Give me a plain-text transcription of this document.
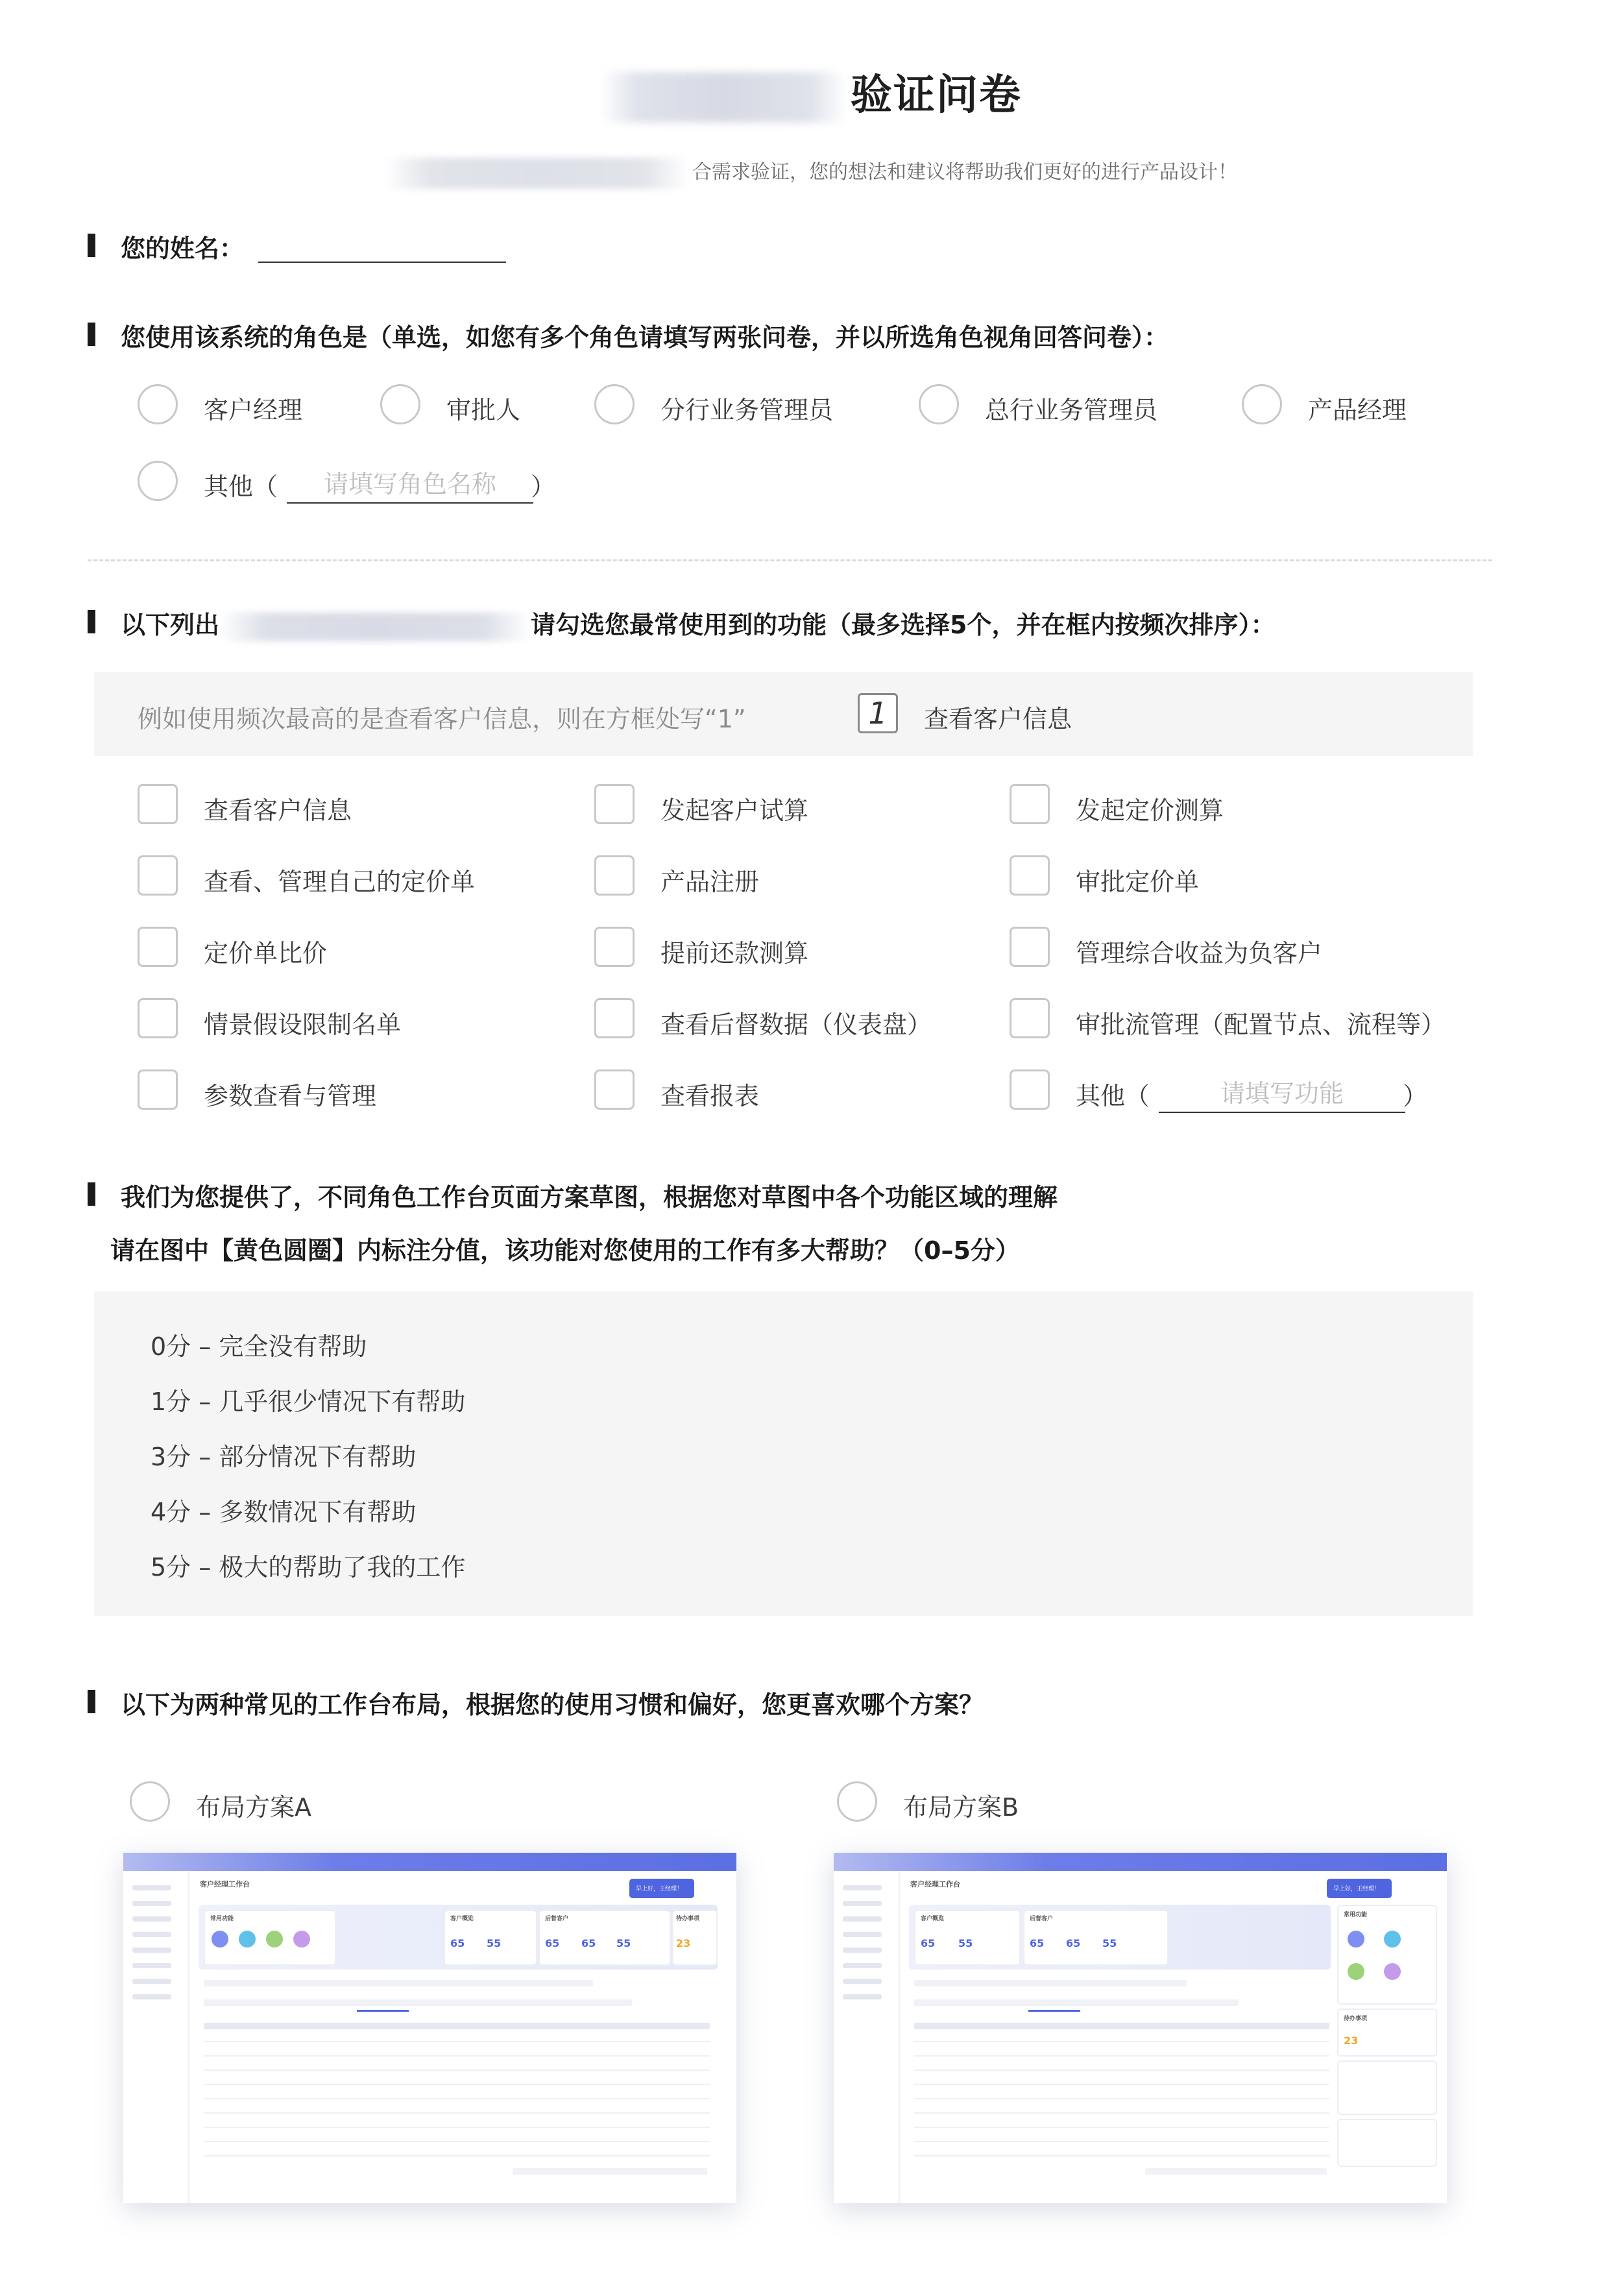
验证问卷
合需求验证，您的想法和建议将帮助我们更好的进行产品设计！
您的姓名：
您使用该系统的角色是（单选，如您有多个角色请填写两张问卷，并以所选角色视角回答问卷）：
客户经理	审批人	分行业务管理员	总行业务管理员	产品经理
其他（	请填写角色名称	）
以下列出	请勾选您最常使用到的功能（最多选择5个，并在框内按频次排序）：
例如使用频次最高的是查看客户信息，则在方框处写“1”	1	查看客户信息
查看客户信息	发起客户试算	发起定价测算
查看、管理自己的定价单	产品注册	审批定价单
定价单比价	提前还款测算	管理综合收益为负客户
情景假设限制名单	查看后督数据（仪表盘）	审批流管理（配置节点、流程等）
参数查看与管理	查看报表	其他（	请填写功能	）
我们为您提供了，不同角色工作台页面方案草图，根据您对草图中各个功能区域的理解
请在图中【黄色圆圈】内标注分值，该功能对您使用的工作有多大帮助？（0–5分）
0分 – 完全没有帮助
1分 – 几乎很少情况下有帮助
3分 – 部分情况下有帮助
4分 – 多数情况下有帮助
5分 – 极大的帮助了我的工作
以下为两种常见的工作台布局，根据您的使用习惯和偏好，您更喜欢哪个方案？
布局方案A	布局方案B
客户经理工作台
早上好，王经理！
常用功能	客户概览
65 55
后督客户
65 65 55
待办事项
23
客户经理工作台
早上好，王经理！
客户概览
65 55
后督客户
65 65 55
常用功能
待办事项
23
